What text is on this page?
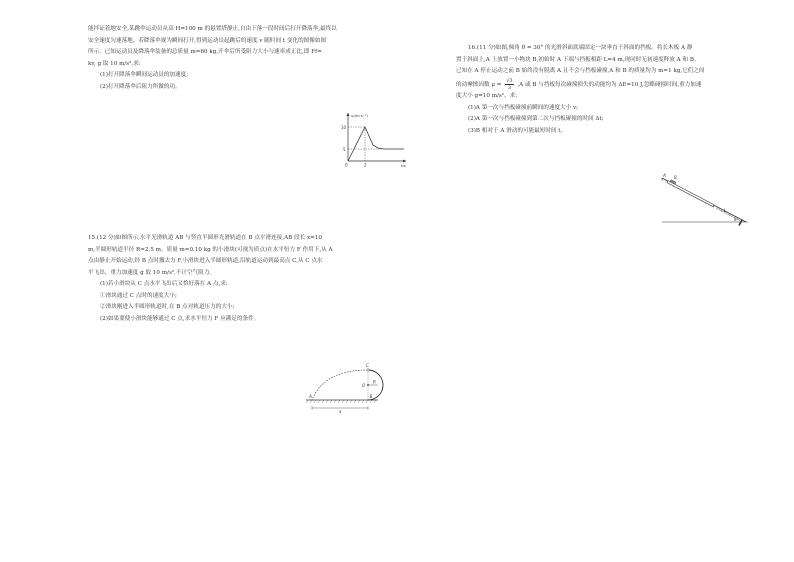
能拌证着地安全,某跳伞运动员从高 H=100 m 的悬置塔静止,自由下落一段时间后打开降落伞,最终以

安全速度匀速落地。若降落伞视为瞬间打开,得到运动员起跳后的速度 v 随时间 t 变化的图像如图

所示。已知运动员及降落伞装备的总质量 m=60 kg,开伞后所受阻力大小与速率成正比,即 Ff=

kv, g 取 10 m/s²,求:

(1)打开降落伞瞬间运动员的加速度;

(2)打开降落伞后阻力所做的功。

v/(m·s⁻¹)
t/s
10
5
0	2

15.(12 分)如图所示,水平光滑轨道 AB 与竖直半圆形光滑轨道在 B 点平滑连接,AB 段长 x=10

m,半圆形轨道半径 R=2.5 m。质量 m=0.10 kg 的小滑块(可视为质点)在水平恒力 F 作用下,从 A

点由静止开始运动,经 B 点时撤去力 F,小滑块进入半圆形轨道,沿轨道运动到最高点 C,从 C 点水

平飞出。重力加速度 g 取 10 m/s²,不计空气阻力。

(1)若小滑块从 C 点水平飞出后又恰好落在 A 点,求:

①滑块通过 C 点时的速度大小;

②滑块刚进入半圆形轨道时,在 B 点对轨道压力的大小;

(2)如果要使小滑块能够通过 C 点,求水平恒力 F 应满足的条件。

A	B
C
O
R
x

16.(11 分)如图,倾角 θ = 30° 的光滑斜面底端固定一块垂直于斜面的挡板。将长木板 A 静

置于斜面上,A 上放置一小物块 B,初始时 A 下端与挡板相距 L=4 m,现同时无初速度释放 A 和 B。

已知在 A 停止运动之前 B 始终没有脱离 A 且不会与挡板碰撞,A 和 B 的质量均为 m=1 kg,它们之间

的动摩擦因数 $\mu = \frac{√3}{3} ,A$ 或 B 与挡板每次碰撞损失的动能均为 ΔE=10 J,忽略碰撞时间,重力加速

度大小 g=10 m/s²。求:

(1)A 第一次与挡板碰撞前瞬间的速度大小 v;

(2)A 第一次与挡板碰撞到第二次与挡板碰撞的时间 Δt;

(3)B 相对于 A 滑动的可能最短时间 t。

A B
L
θ
